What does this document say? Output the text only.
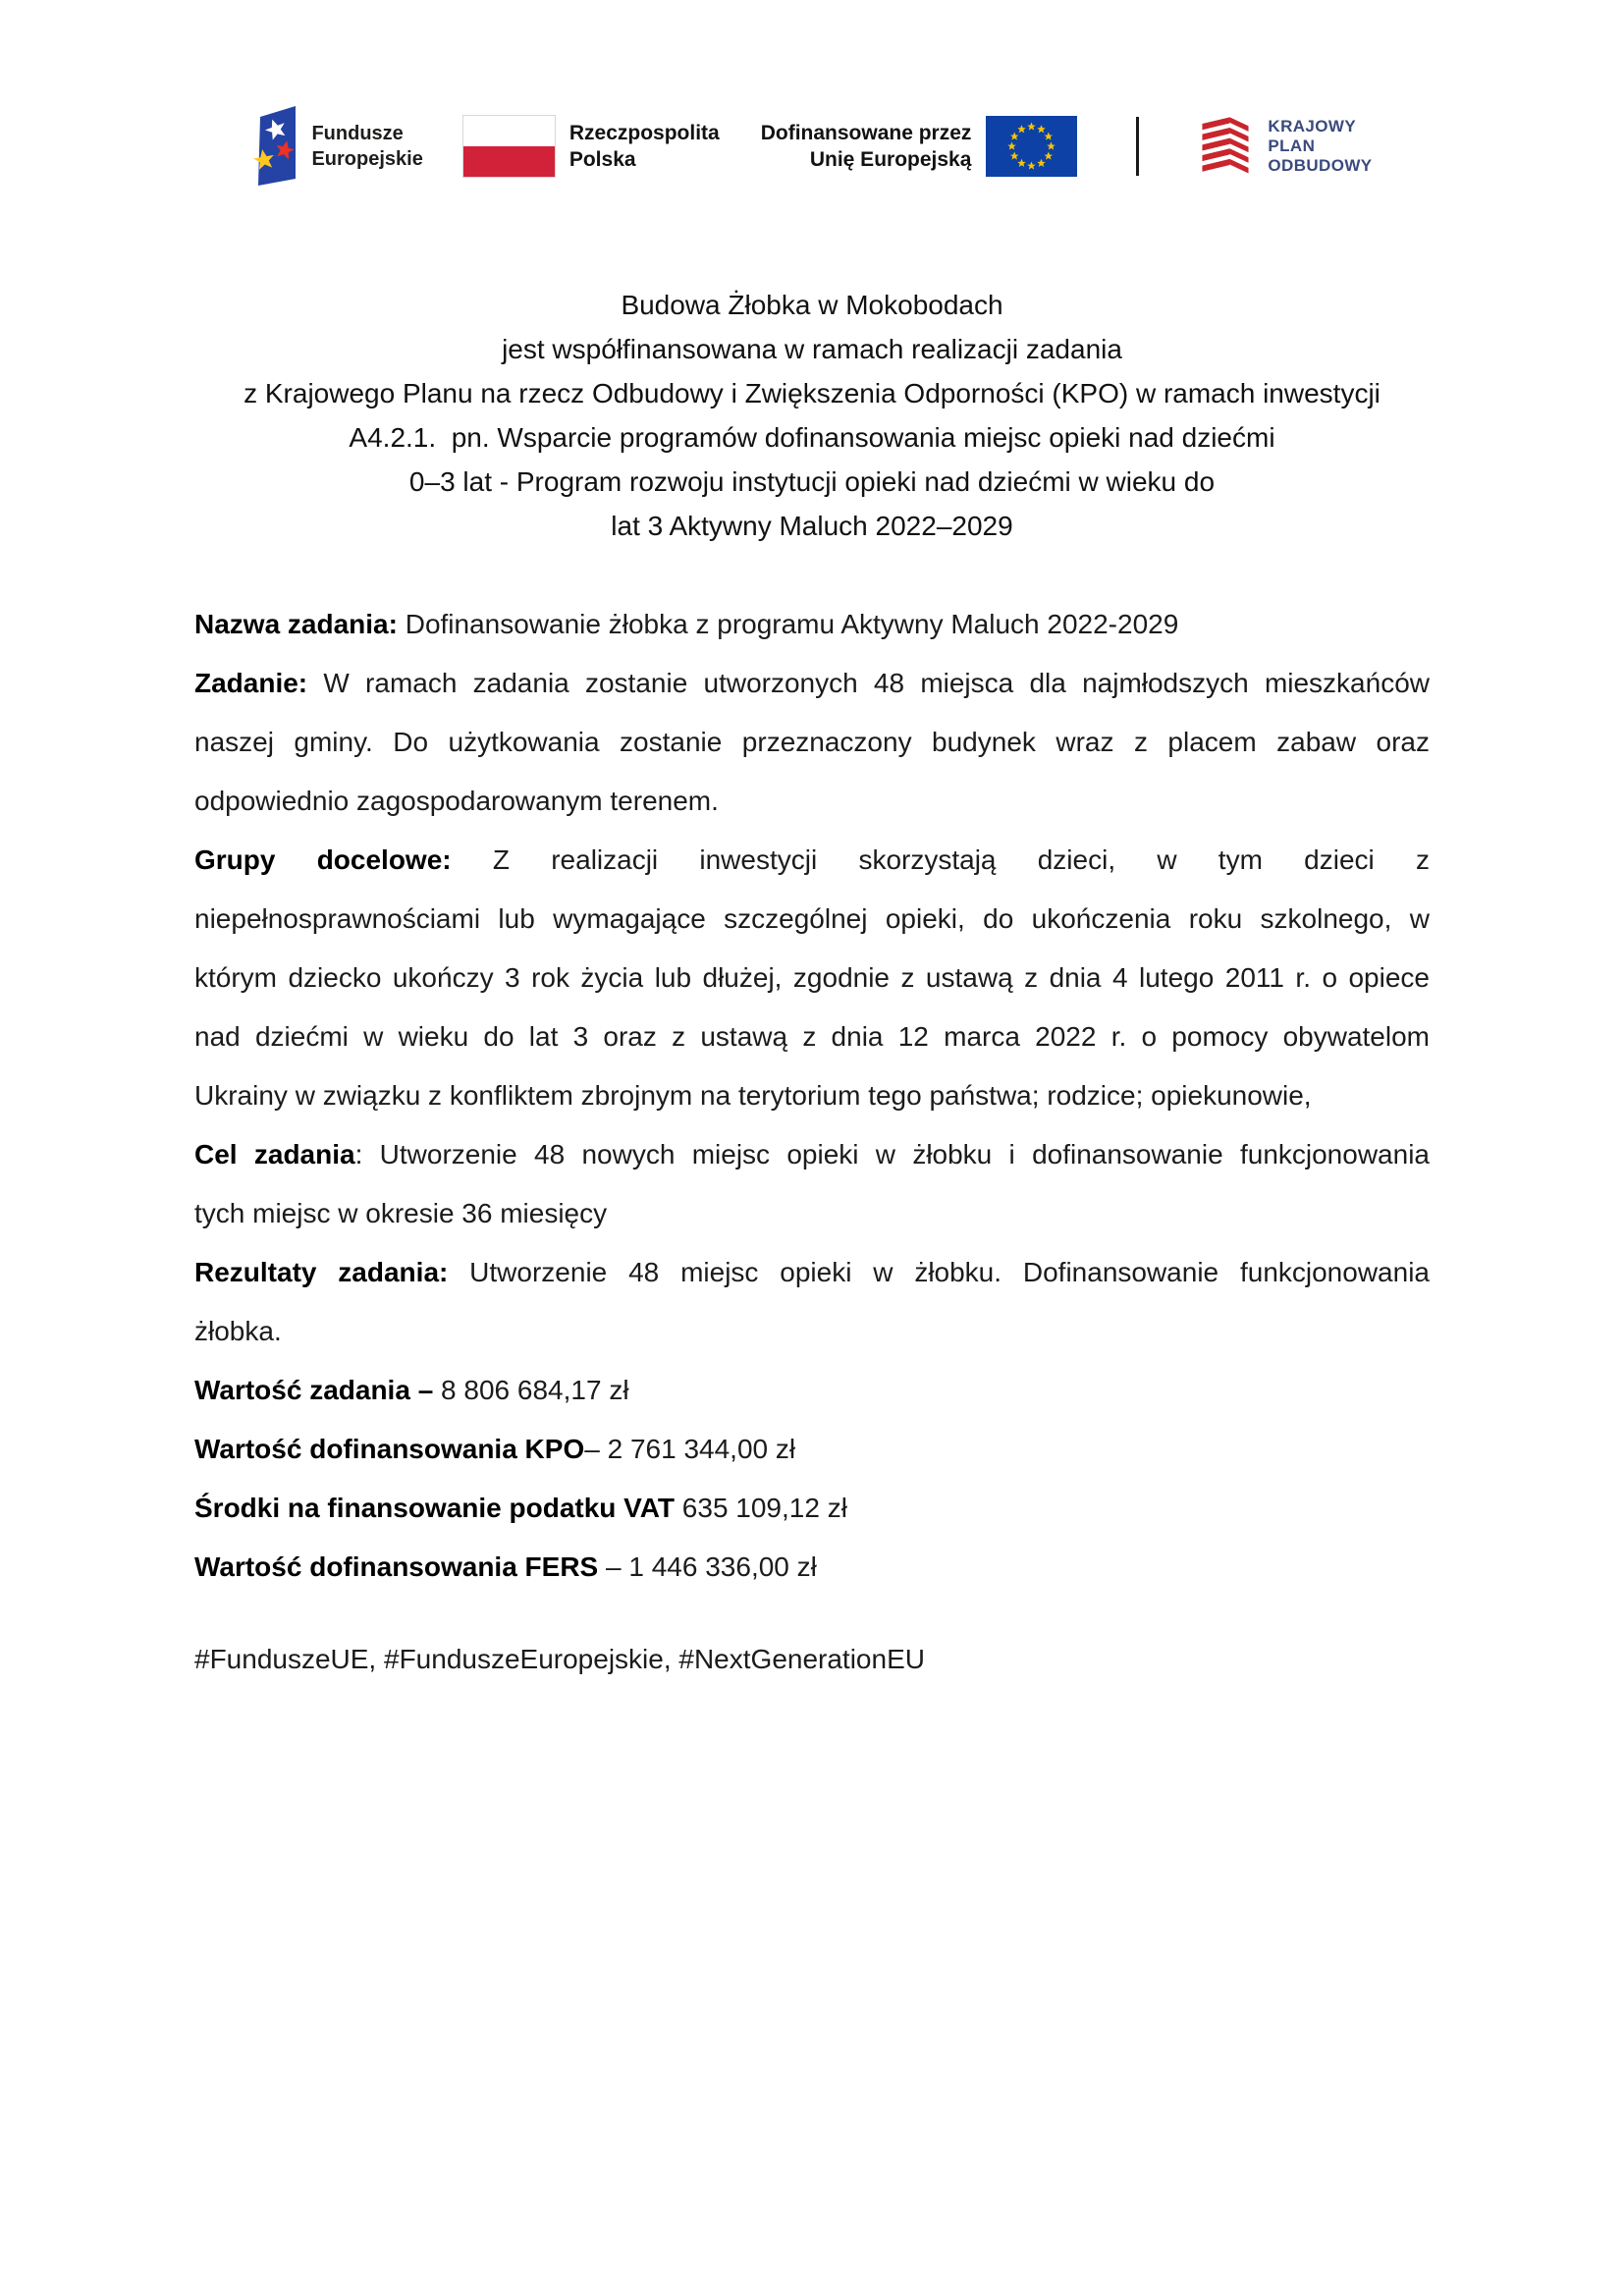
Fundusze
Europejskie
Rzeczpospolita
Polska
Dofinansowane przez
Unię Europejską
KRAJOWY
PLAN
ODBUDOWY
Budowa Żłobka w Mokobodach
jest współfinansowana w ramach realizacji zadania
z Krajowego Planu na rzecz Odbudowy i Zwiększenia Odporności (KPO) w ramach inwestycji
A4.2.1.  pn. Wsparcie programów dofinansowania miejsc opieki nad dziećmi
0–3 lat - Program rozwoju instytucji opieki nad dziećmi w wieku do
lat 3 Aktywny Maluch 2022–2029

Nazwa zadania: Dofinansowanie żłobka z programu Aktywny Maluch 2022-2029

Zadanie: W ramach zadania zostanie utworzonych 48 miejsca dla najmłodszych mieszkańców
naszej gminy. Do użytkowania zostanie przeznaczony budynek wraz z placem zabaw oraz
odpowiednio zagospodarowanym terenem.

Grupy docelowe: Z realizacji inwestycji skorzystają dzieci, w tym dzieci z
niepełnosprawnościami lub wymagające szczególnej opieki, do ukończenia roku szkolnego, w
którym dziecko ukończy 3 rok życia lub dłużej, zgodnie z ustawą z dnia 4 lutego 2011 r. o opiece
nad dziećmi w wieku do lat 3 oraz z ustawą z dnia 12 marca 2022 r. o pomocy obywatelom
Ukrainy w związku z konfliktem zbrojnym na terytorium tego państwa; rodzice; opiekunowie,

Cel zadania: Utworzenie 48 nowych miejsc opieki w żłobku i dofinansowanie funkcjonowania
tych miejsc w okresie 36 miesięcy

Rezultaty zadania: Utworzenie 48 miejsc opieki w żłobku. Dofinansowanie funkcjonowania
żłobka.

Wartość zadania – 8 806 684,17 zł

Wartość dofinansowania KPO– 2 761 344,00 zł

Środki na finansowanie podatku VAT 635 109,12 zł

Wartość dofinansowania FERS – 1 446 336,00 zł

#FunduszeUE, #FunduszeEuropejskie, #NextGenerationEU
